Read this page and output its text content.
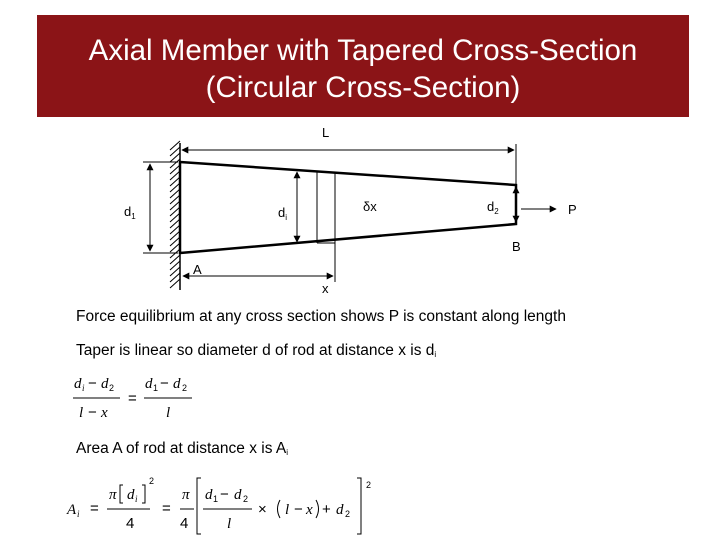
Axial Member with Tapered Cross-Section
(Circular Cross-Section)
L
$d_1$	$d_i$
δx	$d_2$	P
B
A
x
Force equilibrium at any cross section shows P is constant along length
Taper is linear so diameter d of rod at distance x is $d_i$
Area A of rod at distance x is $A_i$
d i − d 2
l − x
=
d 1 − d 2
l
A i =
π d i
2
4
=
π
4
d 1 − d 2
l
× l − x + d 2
2
